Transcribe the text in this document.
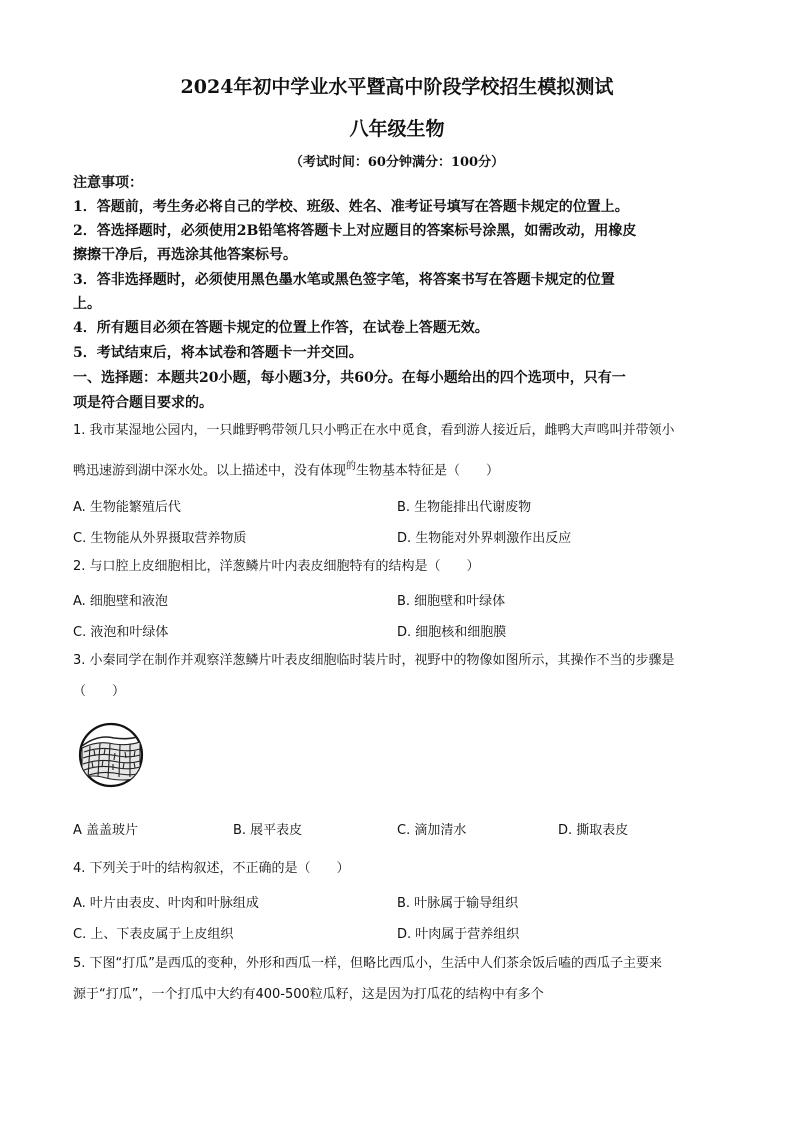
2024年初中学业水平暨高中阶段学校招生模拟测试
八年级生物
（考试时间：60分钟满分：100分）
注意事项：
1．答题前，考生务必将自己的学校、班级、姓名、准考证号填写在答题卡规定的位置上。
2．答选择题时，必须使用2B铅笔将答题卡上对应题目的答案标号涂黑，如需改动，用橡皮
擦擦干净后，再选涂其他答案标号。
3．答非选择题时，必须使用黑色墨水笔或黑色签字笔，将答案书写在答题卡规定的位置
上。
4．所有题目必须在答题卡规定的位置上作答，在试卷上答题无效。
5．考试结束后，将本试卷和答题卡一并交回。
一、选择题：本题共20小题，每小题3分，共60分。在每小题给出的四个选项中，只有一
项是符合题目要求的。
1. 我市某湿地公园内，一只雌野鸭带领几只小鸭正在水中觅食，看到游人接近后，雌鸭大声鸣叫并带领小
鸭迅速游到湖中深水处。以上描述中，没有体现$^的$生物基本特征是（　　）
A. 生物能繁殖后代	B. 生物能排出代谢废物
C. 生物能从外界摄取营养物质	D. 生物能对外界刺激作出反应
2. 与口腔上皮细胞相比，洋葱鳞片叶内表皮细胞特有的结构是（　　）
A. 细胞壁和液泡	B. 细胞壁和叶绿体
C. 液泡和叶绿体	D. 细胞核和细胞膜
3. 小秦同学在制作并观察洋葱鳞片叶表皮细胞临时装片时，视野中的物像如图所示，其操作不当的步骤是
（　　）
A 盖盖玻片	B. 展平表皮	C. 滴加清水	D. 撕取表皮
4. 下列关于叶的结构叙述，不正确的是（　　）
A. 叶片由表皮、叶肉和叶脉组成	B. 叶脉属于输导组织
C. 上、下表皮属于上皮组织	D. 叶肉属于营养组织
5. 下图“打瓜”是西瓜的变种，外形和西瓜一样，但略比西瓜小，生活中人们茶余饭后嗑的西瓜子主要来
源于“打瓜”，一个打瓜中大约有400-500粒瓜籽，这是因为打瓜花的结构中有多个
